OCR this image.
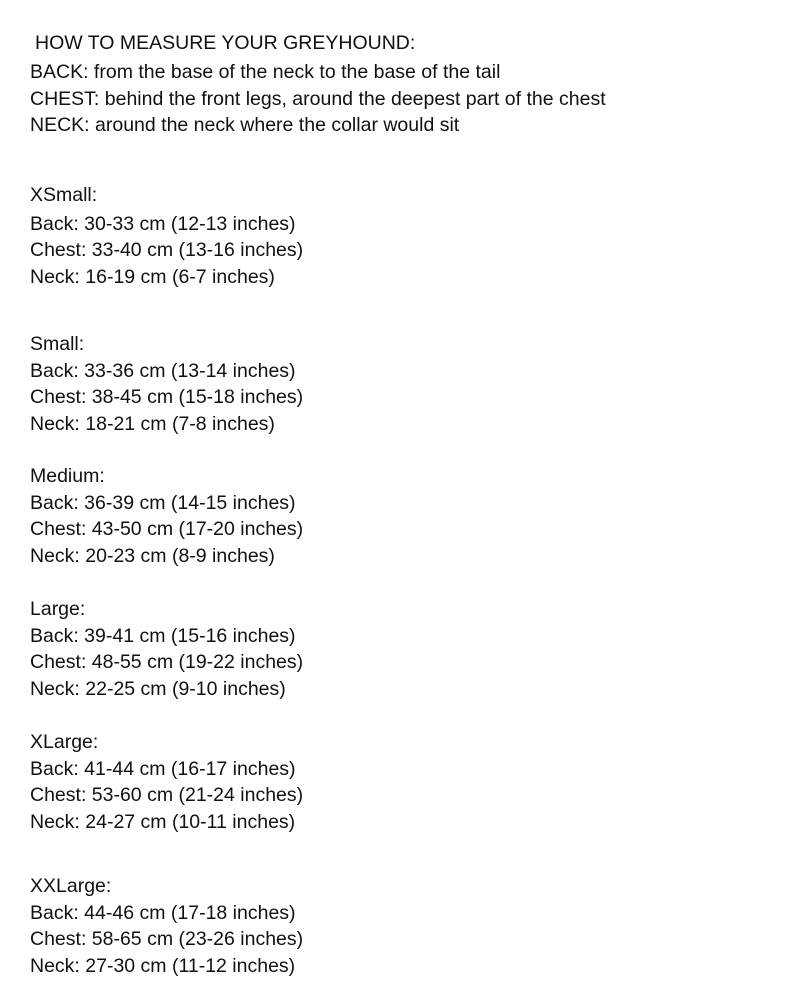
HOW TO MEASURE YOUR GREYHOUND:
BACK: from the base of the neck to the base of the tail
CHEST: behind the front legs, around the deepest part of the chest
NECK: around the neck where the collar would sit
XSmall:
Back: 30-33 cm (12-13 inches)
Chest: 33-40 cm (13-16 inches)
Neck: 16-19 cm (6-7 inches)
Small:
Back: 33-36 cm (13-14 inches)
Chest: 38-45 cm (15-18 inches)
Neck: 18-21 cm (7-8 inches)
Medium:
Back: 36-39 cm (14-15 inches)
Chest: 43-50 cm (17-20 inches)
Neck: 20-23 cm (8-9 inches)
Large:
Back: 39-41 cm (15-16 inches)
Chest: 48-55 cm (19-22 inches)
Neck: 22-25 cm (9-10 inches)
XLarge:
Back: 41-44 cm (16-17 inches)
Chest: 53-60 cm (21-24 inches)
Neck: 24-27 cm (10-11 inches)
XXLarge:
Back: 44-46 cm (17-18 inches)
Chest: 58-65 cm (23-26 inches)
Neck: 27-30 cm (11-12 inches)
